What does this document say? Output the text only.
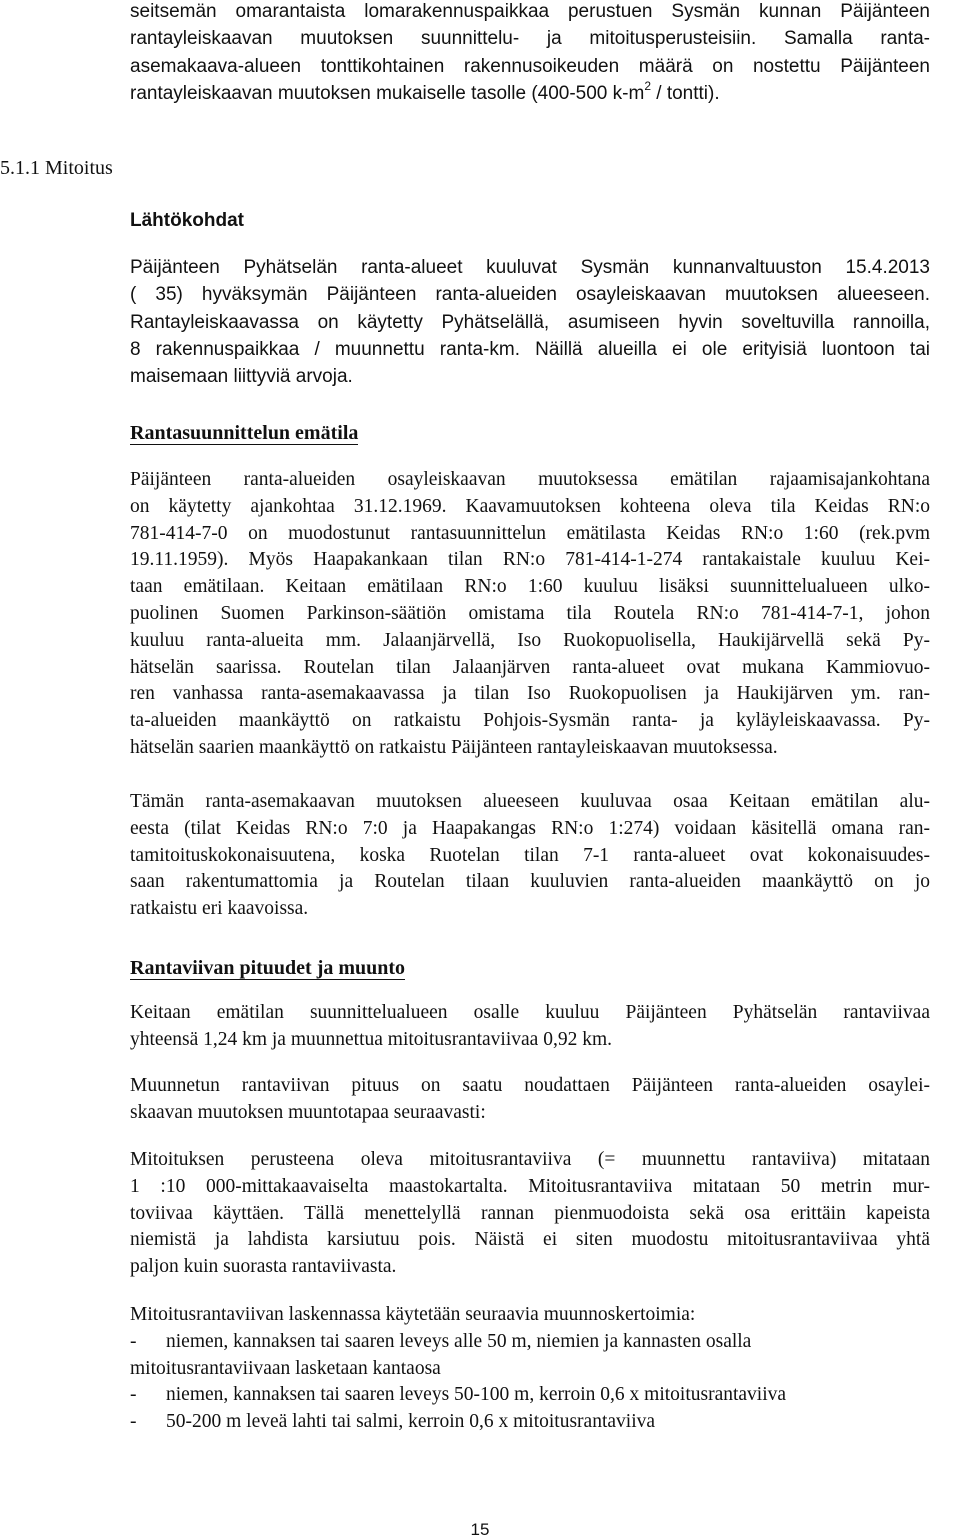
seitsemän omarantaista lomarakennuspaikkaa perustuen Sysmän kunnan Päijänteen
rantayleiskaavan muutoksen suunnittelu- ja mitoitusperusteisiin. Samalla ranta-
asemakaava-alueen tonttikohtainen rakennusoikeuden määrä on nostettu Päijänteen
rantayleiskaavan muutoksen mukaiselle tasolle (400-500 $k-m^2$ / tontti).
5.1.1 Mitoitus
Lähtökohdat
Päijänteen Pyhätselän ranta-alueet kuuluvat Sysmän kunnanvaltuuston 15.4.2013
( 35) hyväksymän Päijänteen ranta-alueiden osayleiskaavan muutoksen alueeseen.
Rantayleiskaavassa on käytetty Pyhätselällä, asumiseen hyvin soveltuvilla rannoilla,
8 rakennuspaikkaa / muunnettu ranta-km. Näillä alueilla ei ole erityisiä luontoon tai
maisemaan liittyviä arvoja.
Rantasuunnittelun emätila
Päijänteen ranta-alueiden osayleiskaavan muutoksessa emätilan rajaamisajankohtana
on käytetty ajankohtaa 31.12.1969. Kaavamuutoksen kohteena oleva tila Keidas RN:o
781-414-7-0 on muodostunut rantasuunnittelun emätilasta Keidas RN:o 1:60 (rek.pvm
19.11.1959). Myös Haapakankaan tilan RN:o 781-414-1-274 rantakaistale kuuluu Kei-
taan emätilaan. Keitaan emätilaan RN:o 1:60 kuuluu lisäksi suunnittelualueen ulko-
puolinen Suomen Parkinson-säätiön omistama tila Routela RN:o 781-414-7-1, johon
kuuluu ranta-alueita mm. Jalaanjärvellä, Iso Ruokopuolisella, Haukijärvellä sekä Py-
hätselän saarissa. Routelan tilan Jalaanjärven ranta-alueet ovat mukana Kammiovuo-
ren vanhassa ranta-asemakaavassa ja tilan Iso Ruokopuolisen ja Haukijärven ym. ran-
ta-alueiden maankäyttö on ratkaistu Pohjois-Sysmän ranta- ja kyläyleiskaavassa. Py-
hätselän saarien maankäyttö on ratkaistu Päijänteen rantayleiskaavan muutoksessa.
Tämän ranta-asemakaavan muutoksen alueeseen kuuluvaa osaa Keitaan emätilan alu-
eesta (tilat Keidas RN:o 7:0 ja Haapakangas RN:o 1:274) voidaan käsitellä omana ran-
tamitoituskokonaisuutena, koska Ruotelan tilan 7-1 ranta-alueet ovat kokonaisuudes-
saan rakentumattomia ja Routelan tilaan kuuluvien ranta-alueiden maankäyttö on jo
ratkaistu eri kaavoissa.
Rantaviivan pituudet ja muunto
Keitaan emätilan suunnittelualueen osalle kuuluu Päijänteen Pyhätselän rantaviivaa
yhteensä 1,24 km ja muunnettua mitoitusrantaviivaa 0,92 km.
Muunnetun rantaviivan pituus on saatu noudattaen Päijänteen ranta-alueiden osaylei-
skaavan muutoksen muuntotapaa seuraavasti:
Mitoituksen perusteena oleva mitoitusrantaviiva (= muunnettu rantaviiva) mitataan
1 :10 000-mittakaavaiselta maastokartalta. Mitoitusrantaviiva mitataan 50 metrin mur-
toviivaa käyttäen. Tällä menettelyllä rannan pienmuodoista sekä osa erittäin kapeista
niemistä ja lahdista karsiutuu pois. Näistä ei siten muodostu mitoitusrantaviivaa yhtä
paljon kuin suorasta rantaviivasta.
Mitoitusrantaviivan laskennassa käytetään seuraavia muunnoskertoimia:
- niemen, kannaksen tai saaren leveys alle 50 m, niemien ja kannasten osalla
mitoitusrantaviivaan lasketaan kantaosa
- niemen, kannaksen tai saaren leveys 50-100 m, kerroin 0,6 x mitoitusrantaviiva
- 50-200 m leveä lahti tai salmi, kerroin 0,6 x mitoitusrantaviiva
15
